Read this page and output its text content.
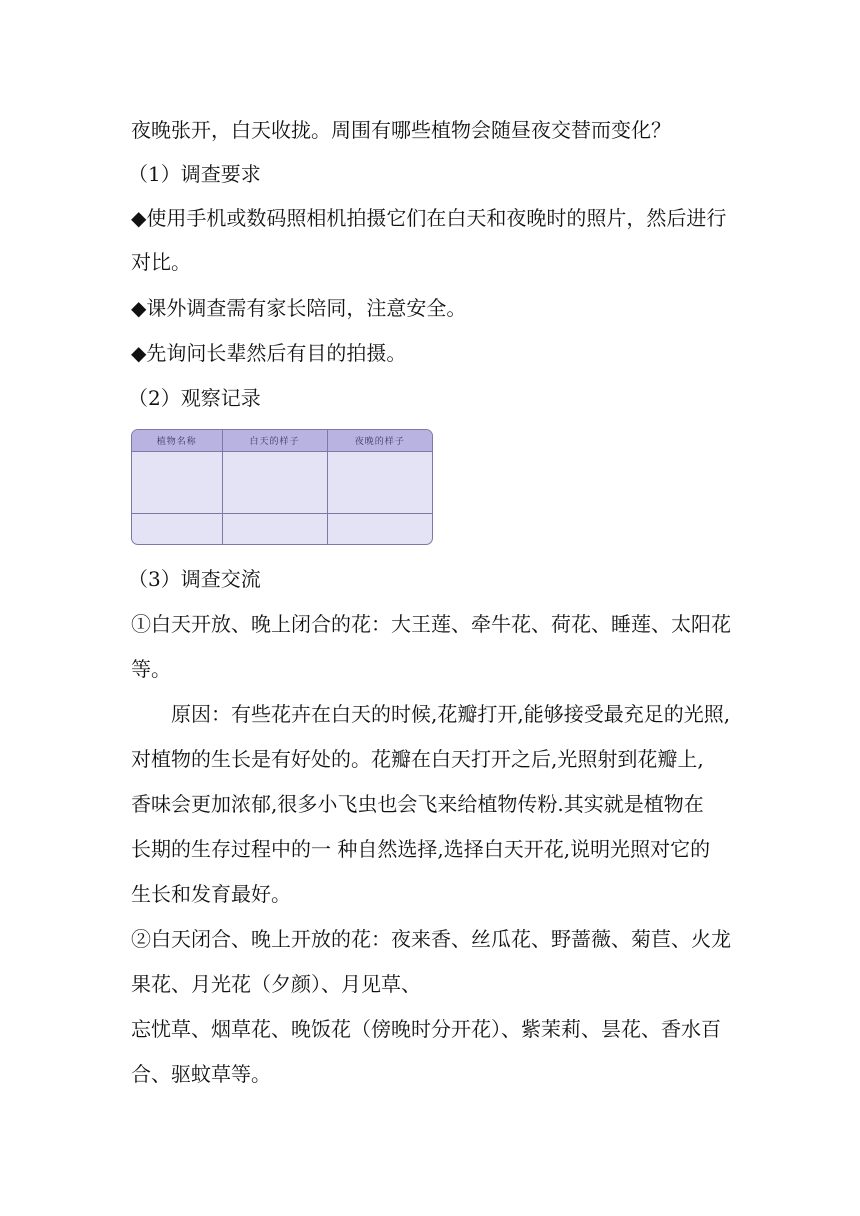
夜晚张开，白天收拢。周围有哪些植物会随昼夜交替而变化？
（1）调查要求
◆使用手机或数码照相机拍摄它们在白天和夜晚时的照片，然后进行
对比。
◆课外调查需有家长陪同，注意安全。
◆先询问长辈然后有目的拍摄。
（2）观察记录
植物名称	白天的样子	夜晚的样子

（3）调查交流
①白天开放、晚上闭合的花：大王莲、牵牛花、荷花、睡莲、太阳花
等。
原因：有些花卉在白天的时候,花瓣打开,能够接受最充足的光照,
对植物的生长是有好处的。花瓣在白天打开之后,光照射到花瓣上,
香味会更加浓郁,很多小飞虫也会飞来给植物传粉.其实就是植物在
长期的生存过程中的一 种自然选择,选择白天开花,说明光照对它的
生长和发育最好。
②白天闭合、晚上开放的花：夜来香、丝瓜花、野蔷薇、菊苣、火龙
果花、月光花（夕颜）、月见草、
忘忧草、烟草花、晚饭花（傍晚时分开花）、紫茉莉、昙花、香水百
合、驱蚊草等。
